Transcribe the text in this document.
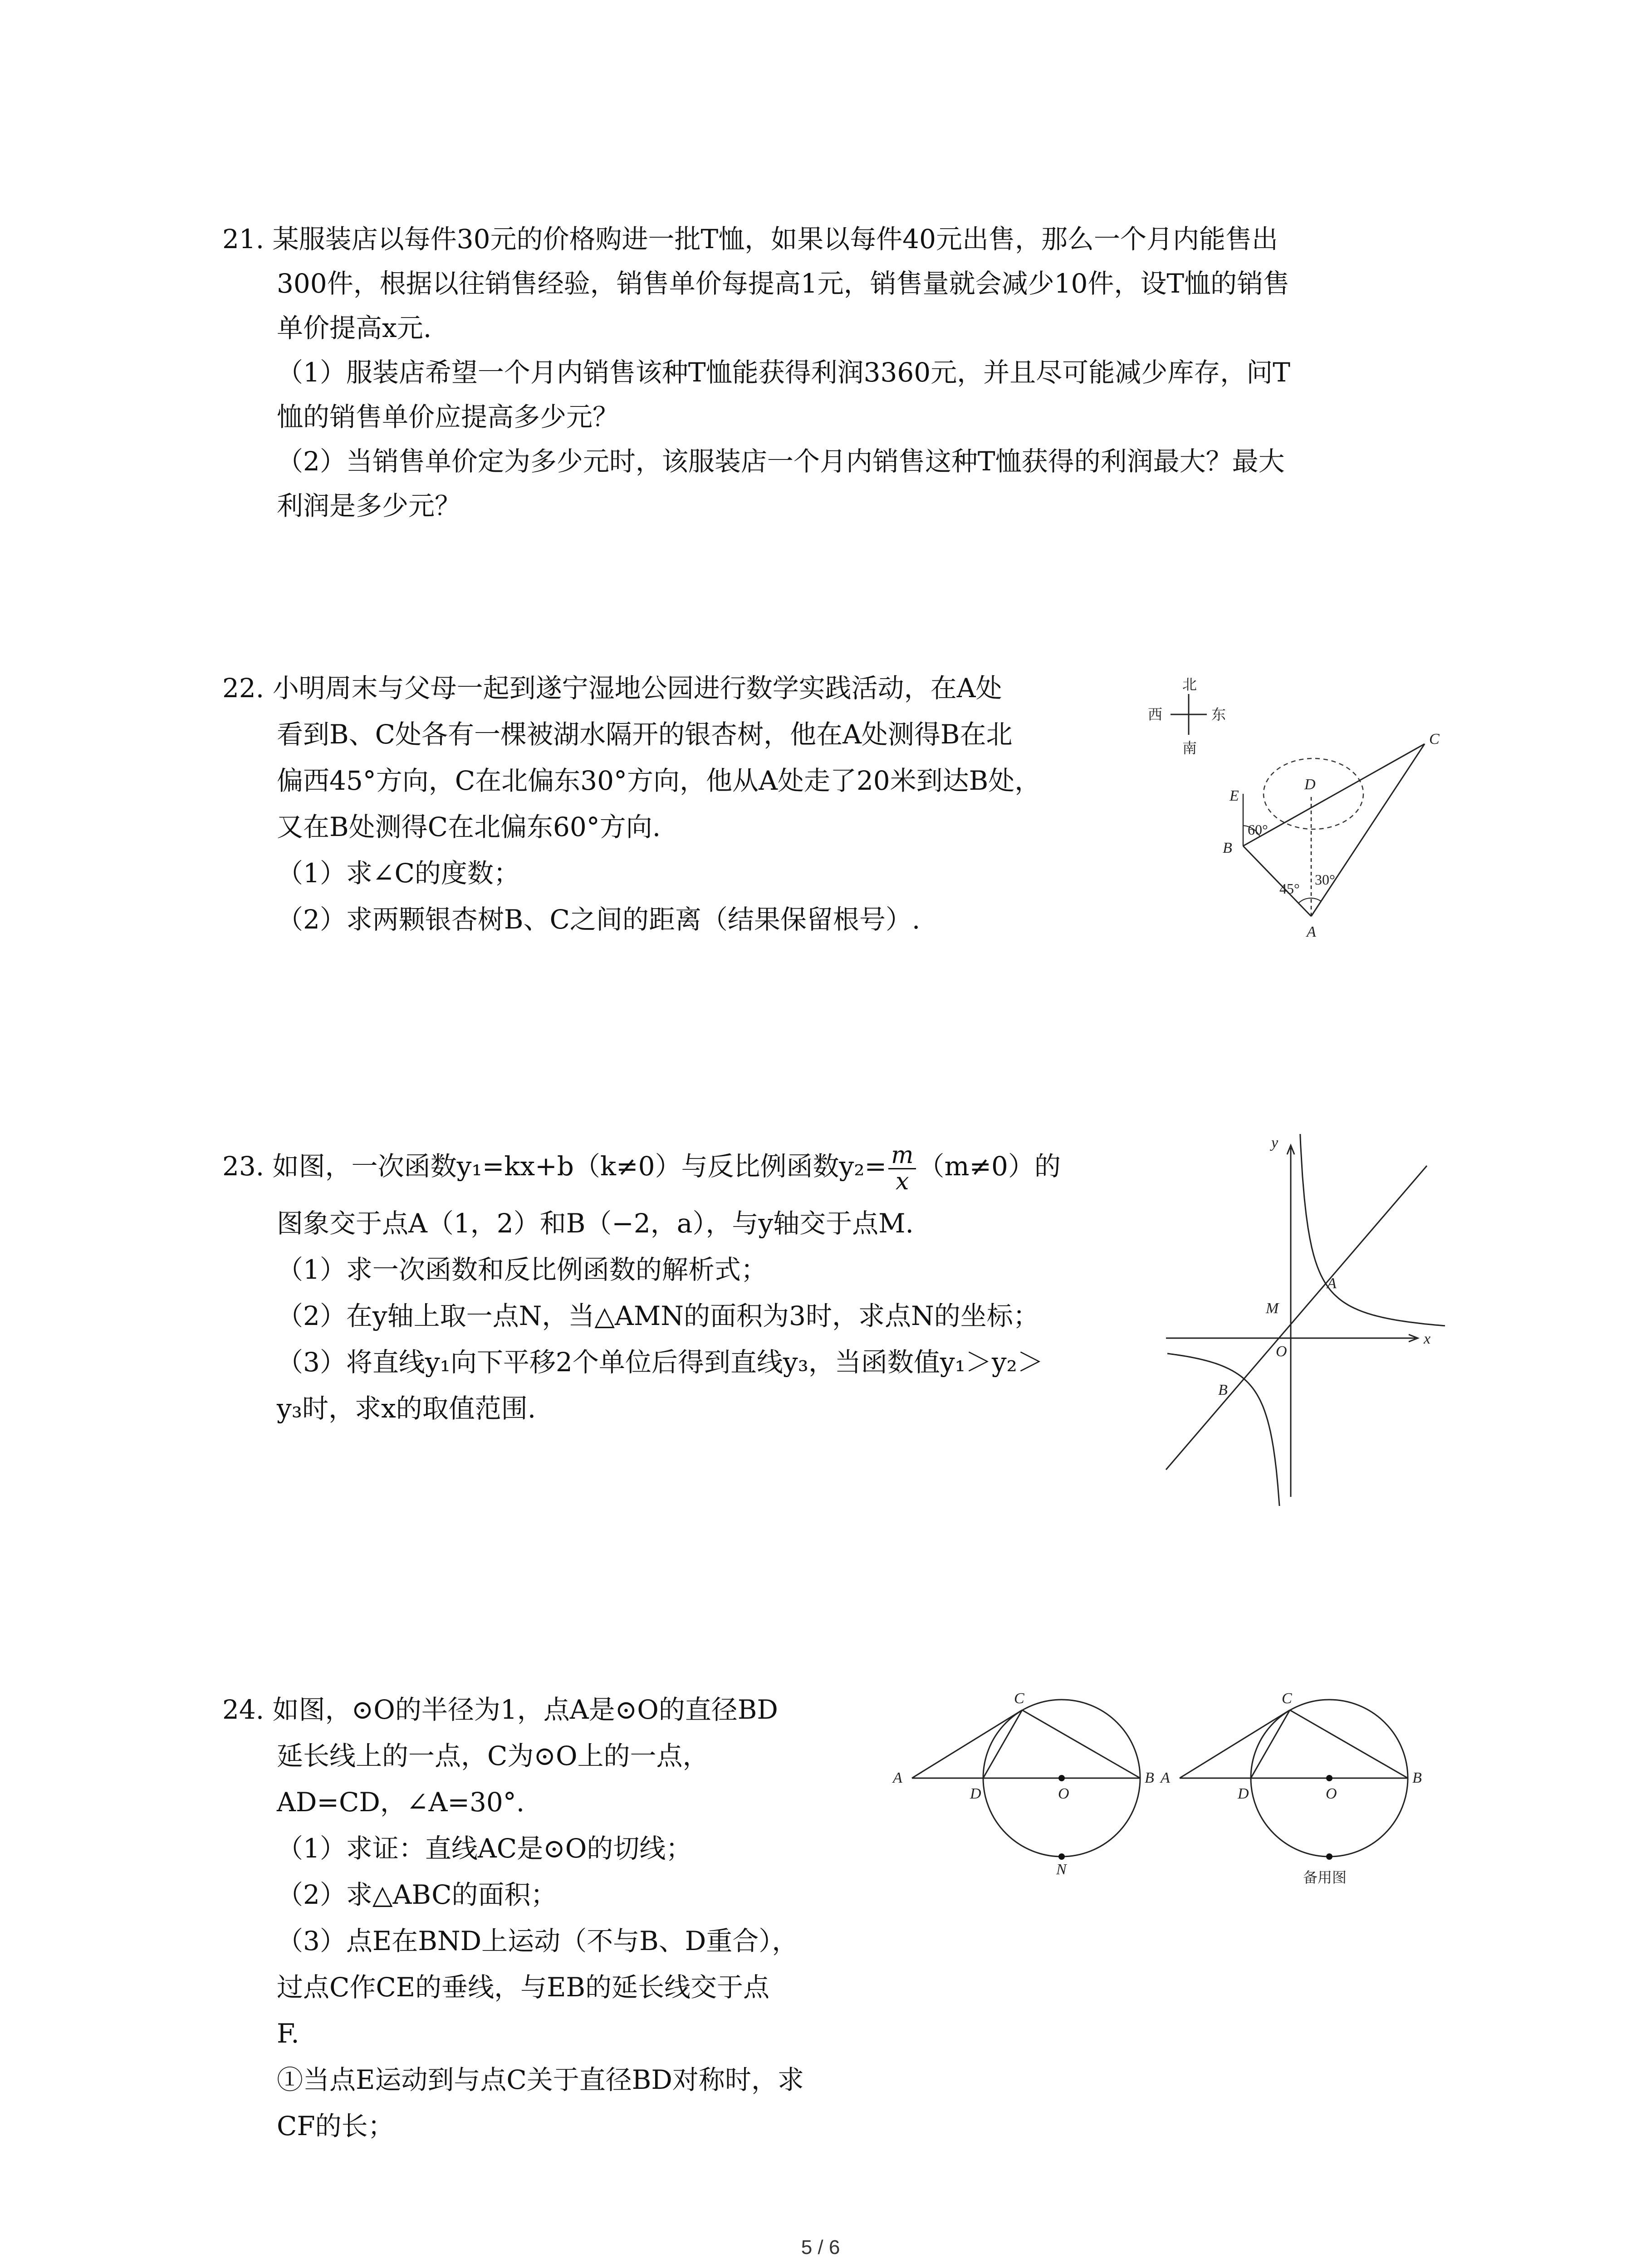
21. 某服装店以每件30元的价格购进一批T恤，如果以每件40元出售，那么一个月内能售出
300件，根据以往销售经验，销售单价每提高1元，销售量就会减少10件，设T恤的销售
单价提高x元.
（1）服装店希望一个月内销售该种T恤能获得利润3360元，并且尽可能减少库存，问T
恤的销售单价应提高多少元？
（2）当销售单价定为多少元时，该服装店一个月内销售这种T恤获得的利润最大？最大
利润是多少元？
22. 小明周末与父母一起到遂宁湿地公园进行数学实践活动，在A处
看到B、C处各有一棵被湖水隔开的银杏树，他在A处测得B在北
偏西45°方向，C在北偏东30°方向，他从A处走了20米到达B处，
又在B处测得C在北偏东60°方向.
（1）求∠C的度数；
（2）求两颗银杏树B、C之间的距离（结果保留根号）.
北
南
西	东
60°
45°
30°
A
B
C
D
E
23. 如图，一次函数y₁=kx+b（k≠0）与反比例函数$y_2= \frac{m}{x} (m\ne 0)$的
图象交于点A（1，2）和B（−2，a），与y轴交于点M.
（1）求一次函数和反比例函数的解析式；
（2）在y轴上取一点N，当△AMN的面积为3时，求点N的坐标；
（3）将直线y₁向下平移2个单位后得到直线y₃，当函数值y₁＞y₂＞
y₃时，求x的取值范围.
y
x
O
A
M
B
24. 如图，⊙O的半径为1，点A是⊙O的直径BD
延长线上的一点，C为⊙O上的一点，
AD=CD，∠A=30°.
（1）求证：直线AC是⊙O的切线；
（2）求△ABC的面积；
（3）点E在BND上运动（不与B、D重合），
过点C作CE的垂线，与EB的延长线交于点
F.
①当点E运动到与点C关于直径BD对称时，求
CF的长；
A	B
C
D	O
N
A	B
C
D	O
备用图
5 / 6
